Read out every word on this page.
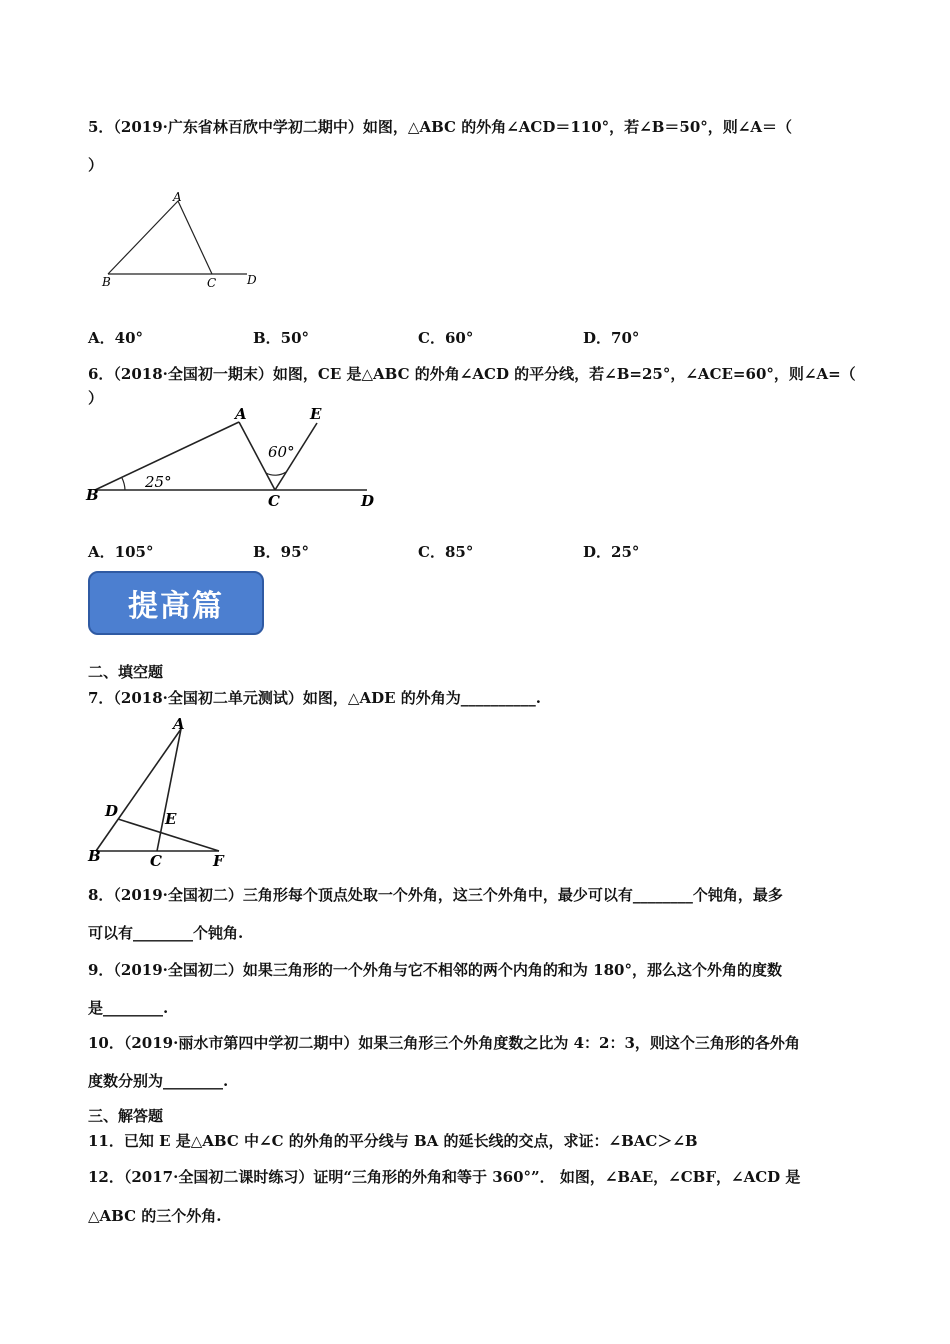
5．（2019·广东省林百欣中学初二期中）如图，△ABC 的外角∠ACD＝110°，若∠B＝50°，则∠A＝（
）
A
B	C	D
A．40°	B．50°	C．60°	D．70°
6．（2018·全国初一期末）如图，CE 是△ABC 的外角∠ACD 的平分线，若∠B=25°，∠ACE=60°，则∠A=（
）
A	E
B	C	D
25°
60°
A．105°	B．95°	C．85°	D．25°
提高篇
二、填空题
7．（2018·全国初二单元测试）如图，△ADE 的外角为__________.
A
D	E
B	C	F
8．（2019·全国初二）三角形每个顶点处取一个外角，这三个外角中，最少可以有________个钝角，最多
可以有________个钝角.
9．（2019·全国初二）如果三角形的一个外角与它不相邻的两个内角的和为 180°，那么这个外角的度数
是________.
10．（2019·丽水市第四中学初二期中）如果三角形三个外角度数之比为 4：2：3，则这个三角形的各外角
度数分别为________.
三、解答题
11．已知 E 是△ABC 中∠C 的外角的平分线与 BA 的延长线的交点，求证：∠BAC＞∠B
12．（2017·全国初二课时练习）证明“三角形的外角和等于 360°”． 如图，∠BAE，∠CBF，∠ACD 是
△ABC 的三个外角.
